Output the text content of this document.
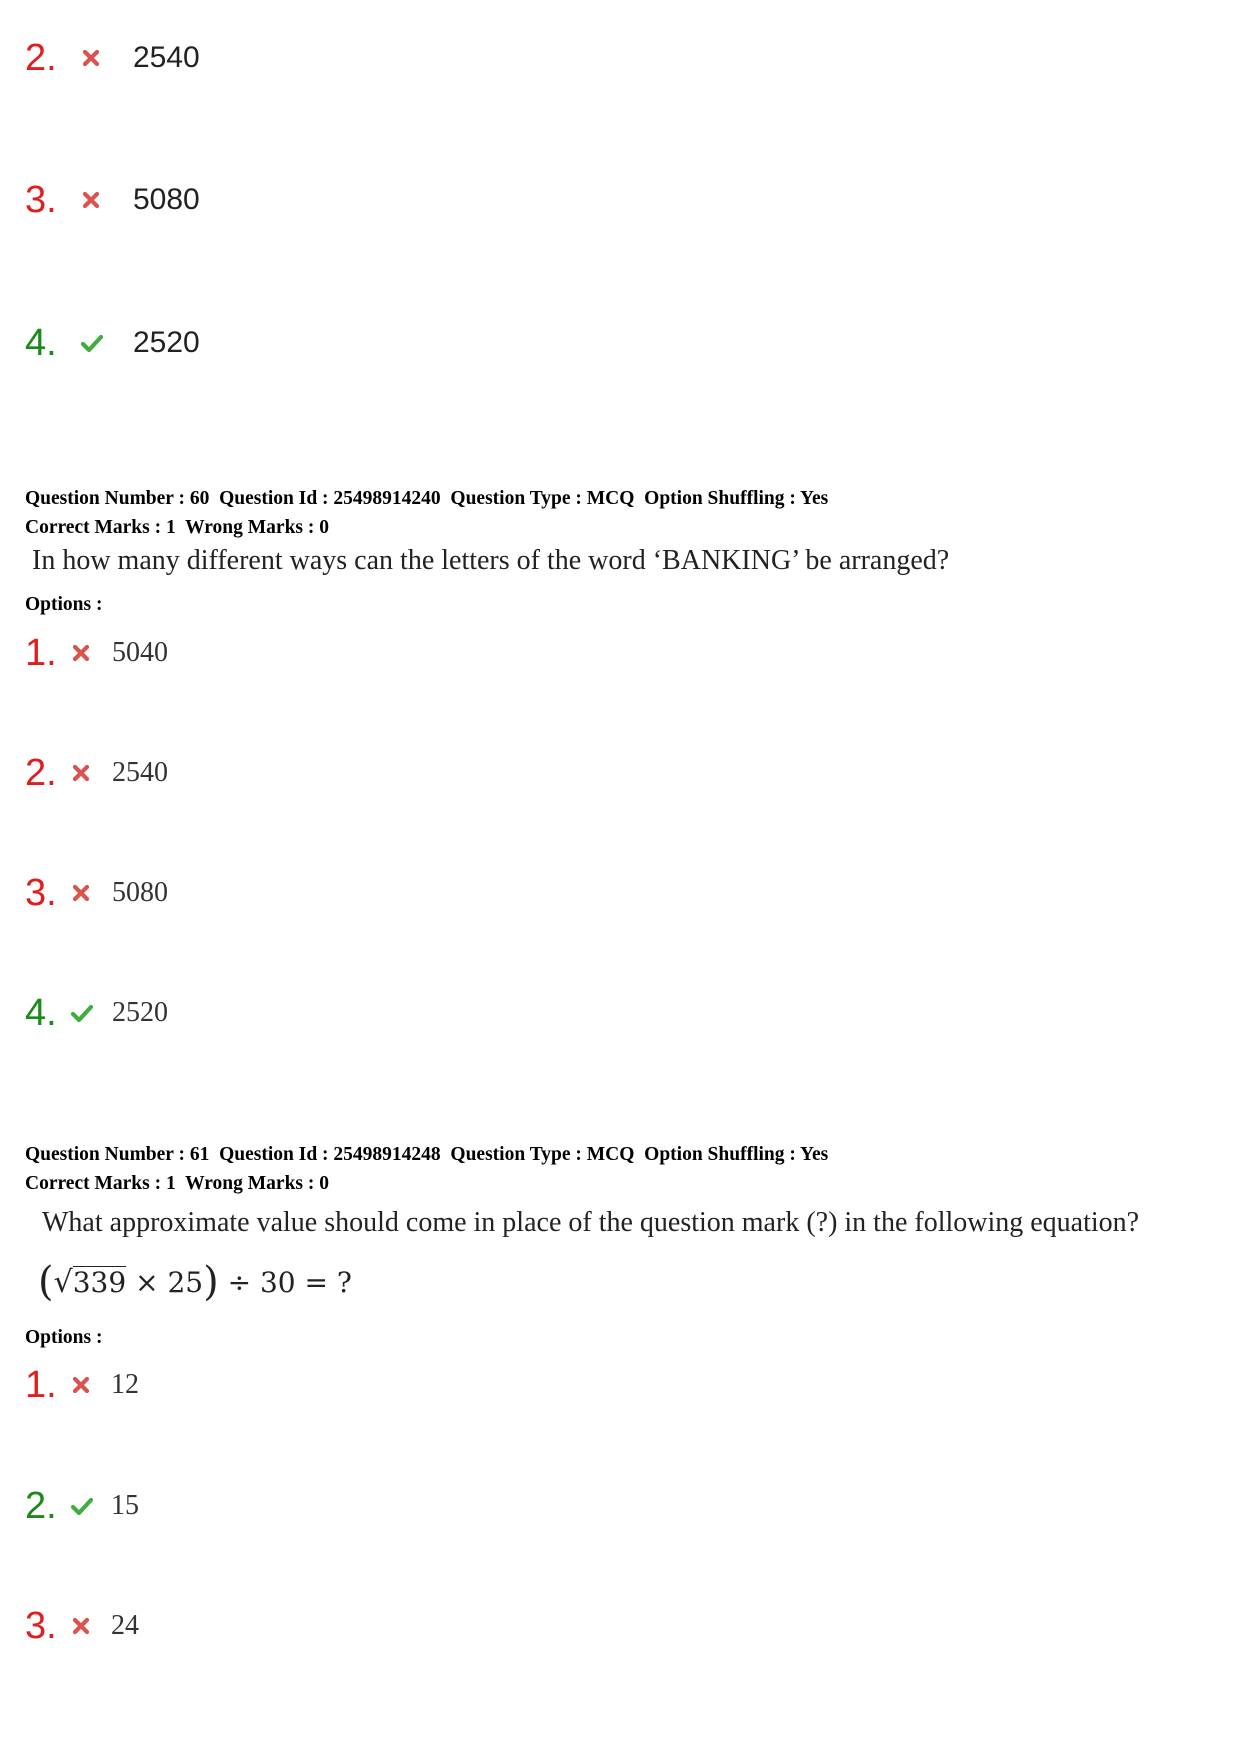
2.	2540
3.	5080
4.	2520
Question Number : 60  Question Id : 25498914240  Question Type : MCQ  Option Shuffling : Yes
Correct Marks : 1  Wrong Marks : 0
In how many different ways can the letters of the word ‘BANKING’ be arranged?
Options :
1. 5040
2. 2540
3. 5080
4. 2520
Question Number : 61  Question Id : 25498914248  Question Type : MCQ  Option Shuffling : Yes
Correct Marks : 1  Wrong Marks : 0
What approximate value should come in place of the question mark (?) in the following equation?
( √ 339 × 25 ) ÷ 30 = ?
Options :
1. 12
2. 15
3. 24
